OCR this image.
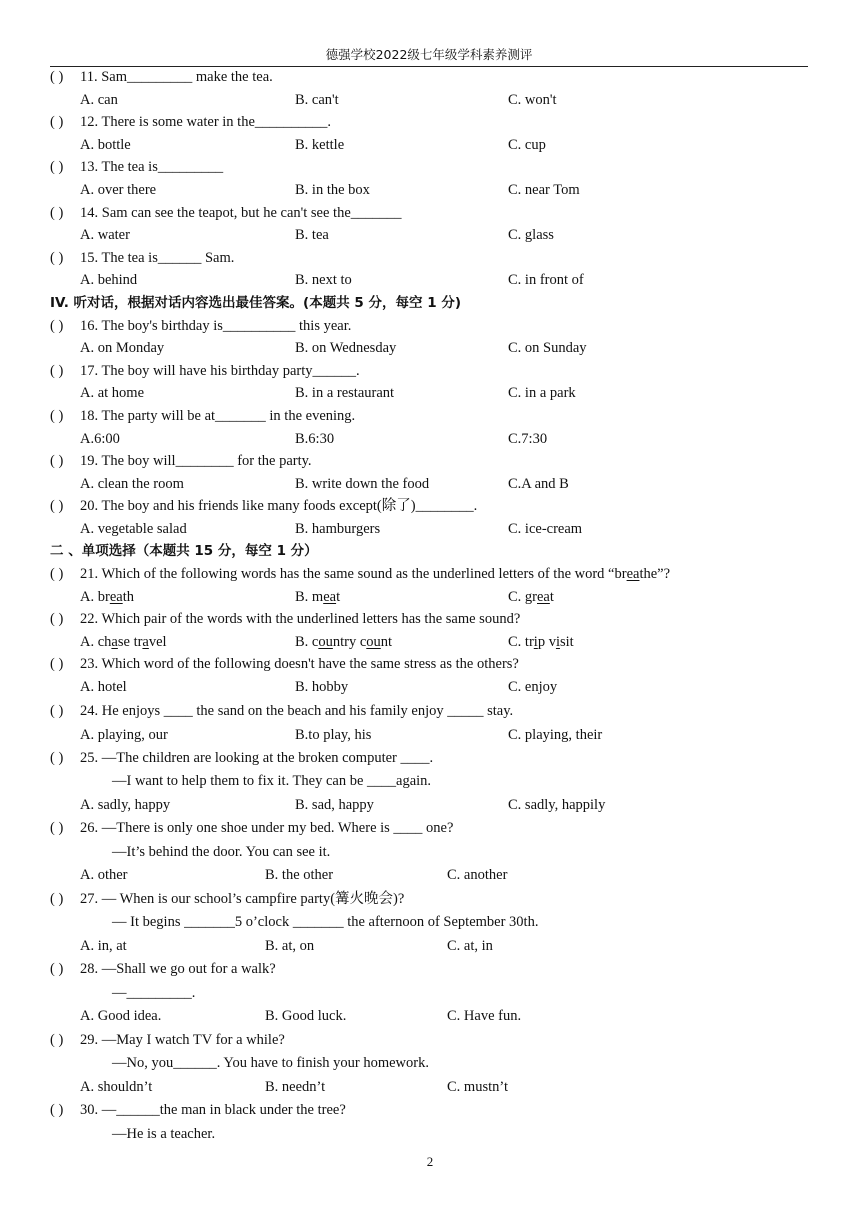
德强学校2022级七年级学科素养测评
( ) 11. Sam_________ make the tea.
A. can	B. can't	C. won't
( ) 12. There is some water in the__________.
A. bottle	B. kettle	C. cup
( ) 13. The tea is_________
A. over there	B. in the box	C. near Tom
( ) 14. Sam can see the teapot, but he can't see the_______
A. water	B. tea	C. glass
( ) 15. The tea is______ Sam.
A. behind	B. next to	C. in front of
IV. 听对话，根据对话内容选出最佳答案。(本题共 5 分，每空 1 分)
( ) 16. The boy's birthday is__________ this year.
A. on Monday	B. on Wednesday	C. on Sunday
( ) 17. The boy will have his birthday party______.
A. at home	B. in a restaurant	C. in a park
( ) 18. The party will be at_______ in the evening.
A.6:00	B.6:30	C.7:30
( ) 19. The boy will________ for the party.
A. clean the room	B. write down the food	C.A and B
( ) 20. The boy and his friends like many foods except(除了)________.
A. vegetable salad	B. hamburgers	C. ice-cream
二 、单项选择（本题共 15 分，每空 1 分）
( ) 21. Which of the following words has the same sound as the underlined letters of the word “breathe”?
A. breath	B. meat	C. great
( ) 22. Which pair of the words with the underlined letters has the same sound?
A. chase travel	B. country count	C. trip visit
( ) 23. Which word of the following doesn't have the same stress as the others?
A. hotel	B. hobby	C. enjoy
( ) 24. He enjoys ____ the sand on the beach and his family enjoy _____ stay.
A. playing, our	B.to play, his	C. playing, their
( ) 25. —The children are looking at the broken computer ____.
—I want to help them to fix it. They can be ____again.
A. sadly, happy	B. sad, happy	C. sadly, happily
( ) 26. —There is only one shoe under my bed. Where is ____ one?
—It’s behind the door. You can see it.
A. other	B. the other	C. another
( ) 27. — When is our school’s campfire party(篝火晚会)?
— It begins _______5 o’clock _______ the afternoon of September 30th.
A. in, at	B. at, on	C. at, in
( ) 28. —Shall we go out for a walk?
—_________.
A. Good idea.	B. Good luck.	C. Have fun.
( ) 29. —May I watch TV for a while?
—No, you______. You have to finish your homework.
A. shouldn’t	B. needn’t	C. mustn’t
( ) 30. —______the man in black under the tree?
—He is a teacher.
2
